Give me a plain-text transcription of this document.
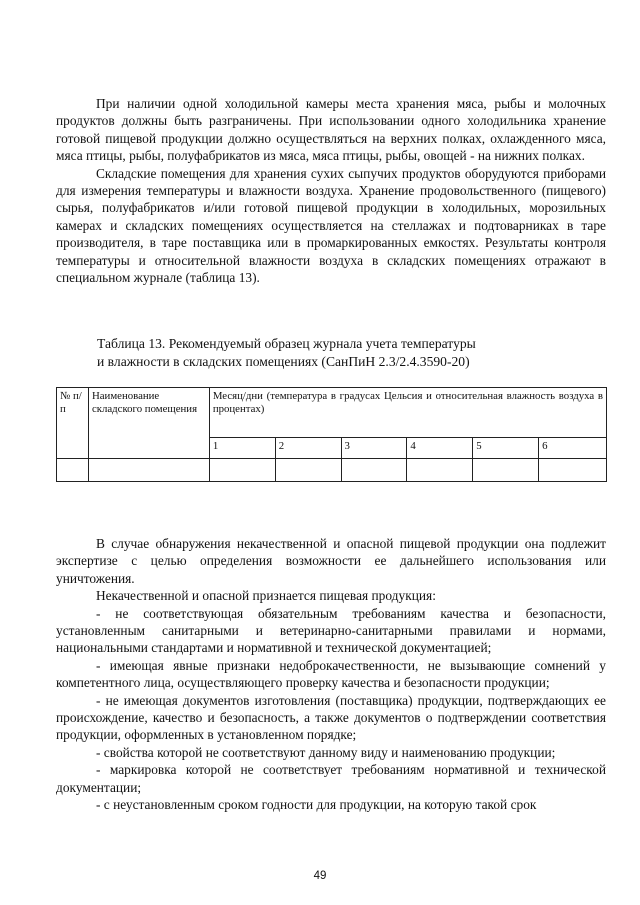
При наличии одной холодильной камеры места хранения мяса, рыбы и молочных продуктов должны быть разграничены. При использовании одного холодильника хранение готовой пищевой продукции должно осуществляться на верхних полках, охлажденного мяса, мяса птицы, рыбы, полуфабрикатов из мяса, мяса птицы, рыбы, овощей - на нижних полках.

Складские помещения для хранения сухих сыпучих продуктов оборудуются приборами для измерения температуры и влажности воздуха. Хранение продовольственного (пищевого) сырья, полуфабрикатов и/или готовой пищевой продукции в холодильных, морозильных камерах и складских помещениях осуществляется на стеллажах и подтоварниках в таре производителя, в таре поставщика или в промаркированных емкостях. Результаты контроля температуры и относительной влажности воздуха в складских помещениях отражают в специальном журнале (таблица 13).

Таблица 13. Рекомендуемый образец журнала учета температуры
и влажности в складских помещениях (СанПиН 2.3/2.4.3590-20)
№ п/п	Наименование складского помещения	Месяц/дни (температура в градусах Цельсия и относительная влажность воздуха в процентах)					
		1	2	3	4	5	6

В случае обнаружения некачественной и опасной пищевой продукции она подлежит экспертизе с целью определения возможности ее дальнейшего использования или уничтожения.

Некачественной и опасной признается пищевая продукция:

- не соответствующая обязательным требованиям качества и безопасности, установленным санитарными и ветеринарно-санитарными правилами и нормами, национальными стандартами и нормативной и технической документацией;

- имеющая явные признаки недоброкачественности, не вызывающие сомнений у компетентного лица, осуществляющего проверку качества и безопасности продукции;

- не имеющая документов изготовления (поставщика) продукции, подтверждающих ее происхождение, качество и безопасность, а также документов о подтверждении соответствия продукции, оформленных в установленном порядке;

- свойства которой не соответствуют данному виду и наименованию продукции;

- маркировка которой не соответствует требованиям нормативной и технической документации;

- с неустановленным сроком годности для продукции, на которую такой срок

49
